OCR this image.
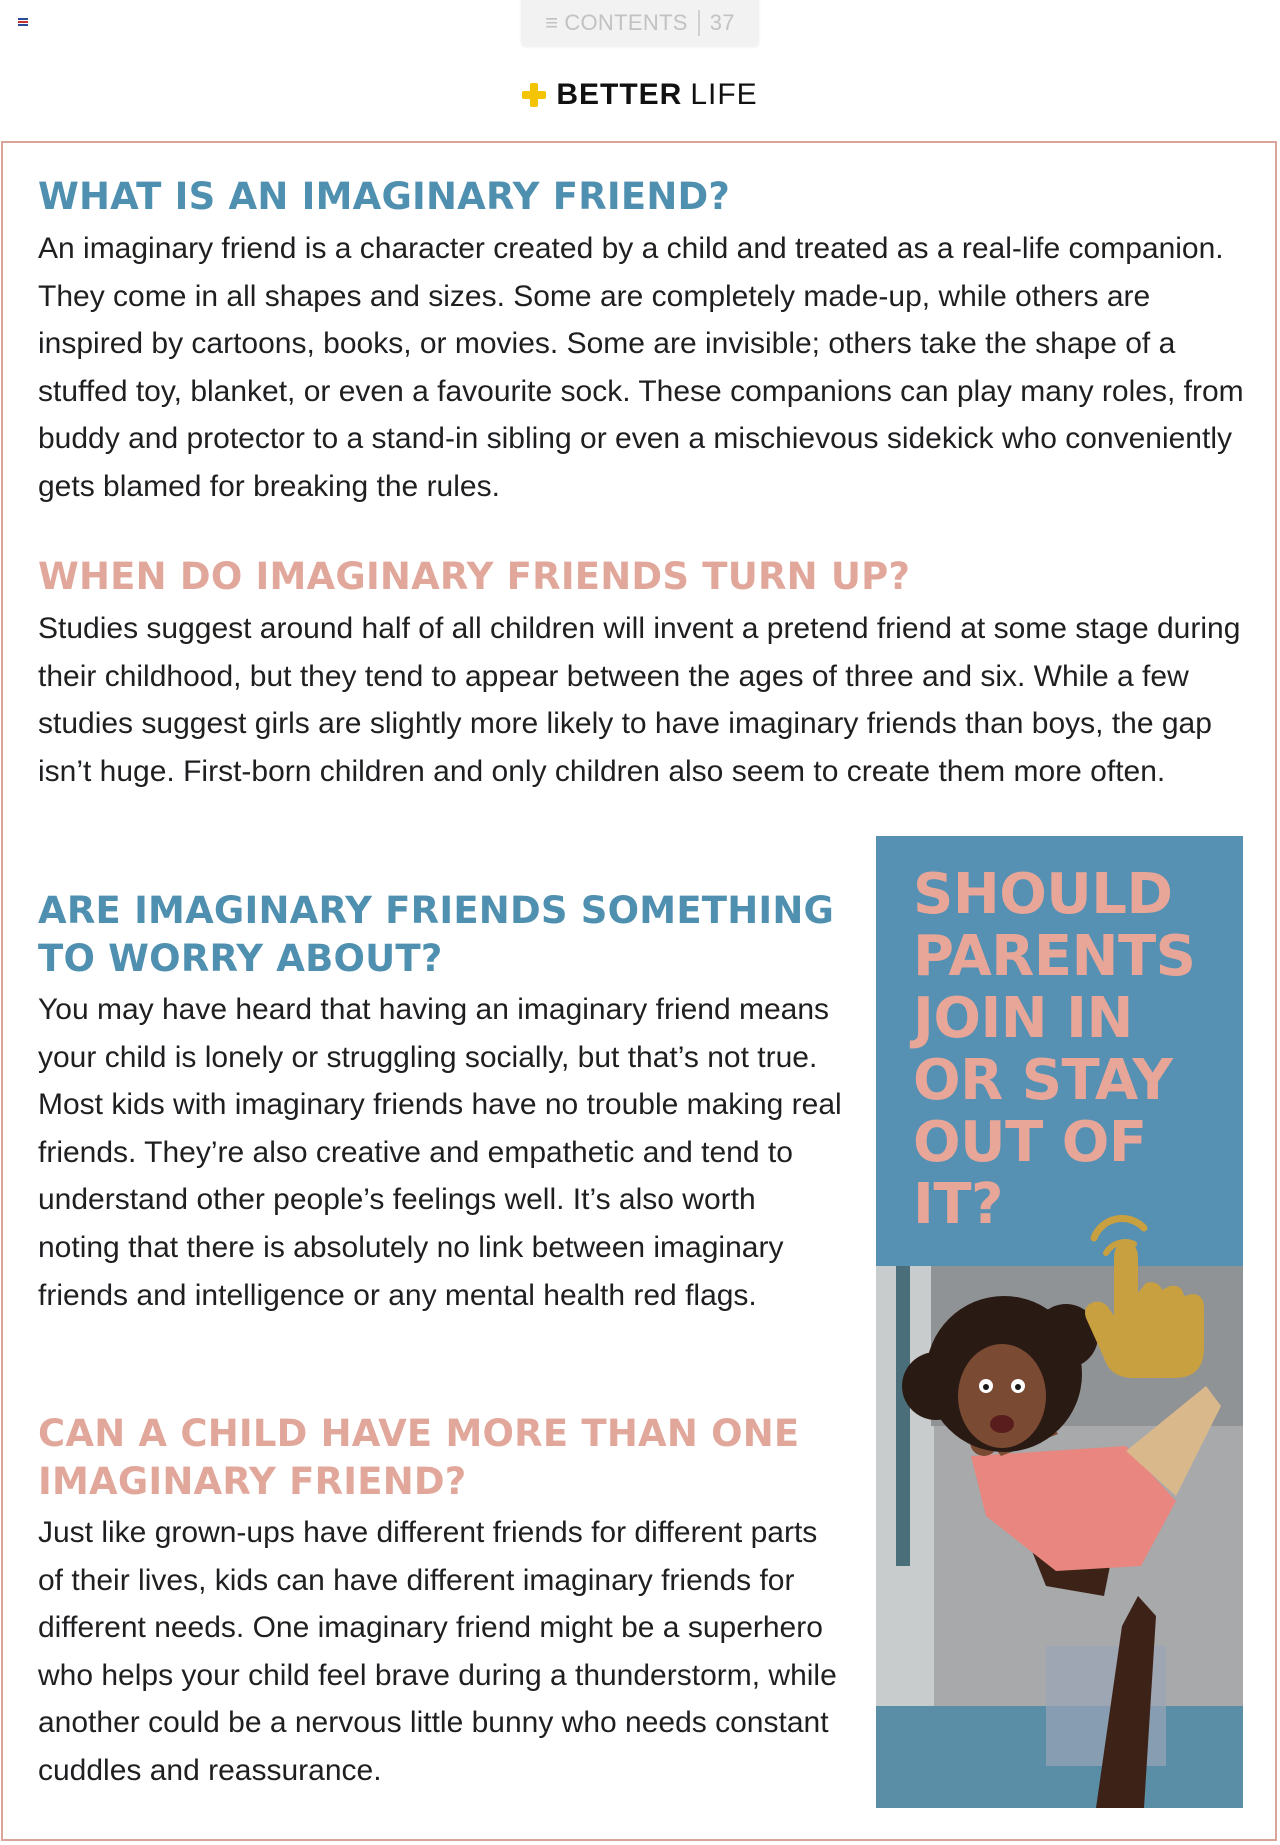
≡ CONTENTS 37
BETTER LIFE
WHAT IS AN IMAGINARY FRIEND?

An imaginary friend is a character created by a child and treated as a real-life companion. They come in all shapes and sizes. Some are completely made-up, while others are inspired by cartoons, books, or movies. Some are invisible; others take the shape of a stuffed toy, blanket, or even a favourite sock. These companions can play many roles, from buddy and protector to a stand-in sibling or even a mischievous sidekick who conveniently gets blamed for breaking the rules.

WHEN DO IMAGINARY FRIENDS TURN UP?

Studies suggest around half of all children will invent a pretend friend at some stage during their childhood, but they tend to appear between the ages of three and six. While a few studies suggest girls are slightly more likely to have imaginary friends than boys, the gap isn’t huge. First-born children and only children also seem to create them more often.

ARE IMAGINARY FRIENDS SOMETHING TO WORRY ABOUT?

You may have heard that having an imaginary friend means your child is lonely or struggling socially, but that’s not true. Most kids with imaginary friends have no trouble making real friends. They’re also creative and empathetic and tend to understand other people’s feelings well. It’s also worth noting that there is absolutely no link between imaginary friends and intelligence or any mental health red flags.

CAN A CHILD HAVE MORE THAN ONE IMAGINARY FRIEND?

Just like grown-ups have different friends for different parts of their lives, kids can have different imaginary friends for different needs. One imaginary friend might be a superhero who helps your child feel brave during a thunderstorm, while another could be a nervous little bunny who needs constant cuddles and reassurance.

SHOULD PARENTS JOIN IN OR STAY OUT OF IT?
